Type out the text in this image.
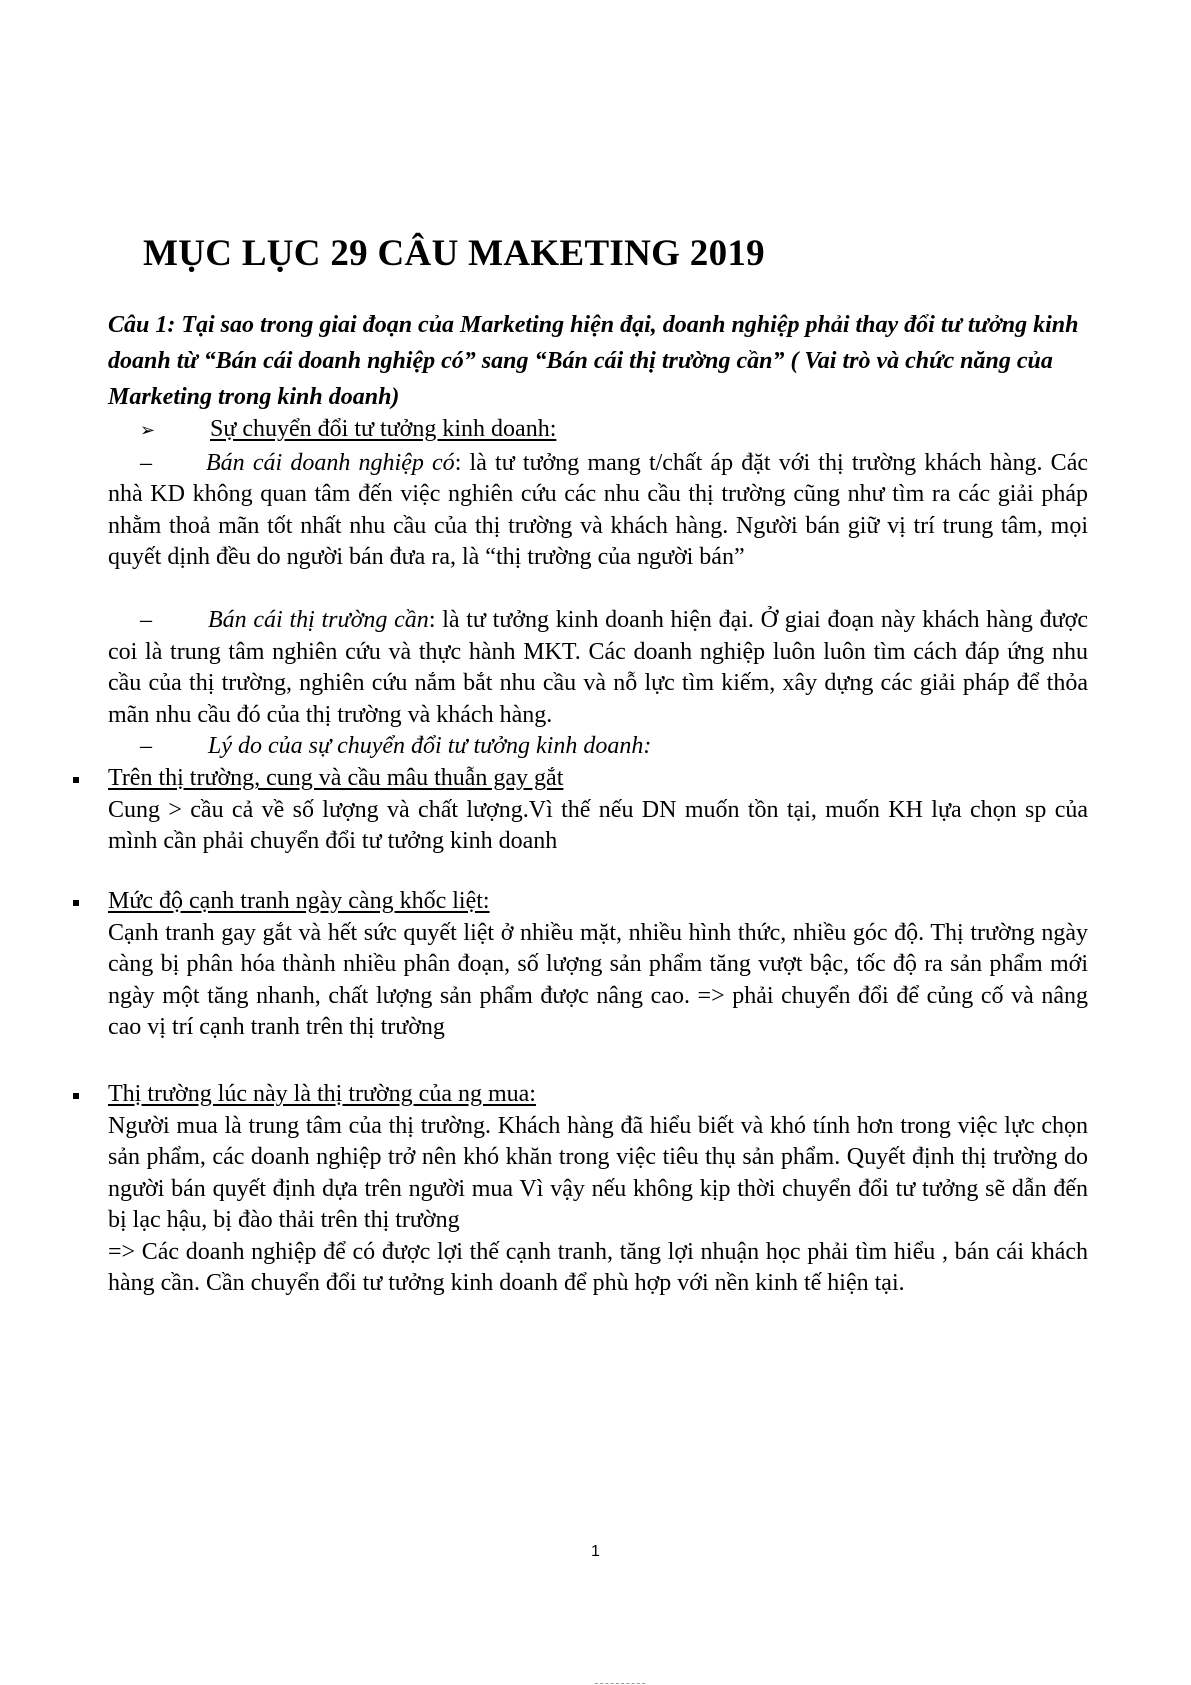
MỤC LỤC 29 CÂU MAKETING 2019

Câu 1: Tại sao trong giai đoạn của Marketing hiện đại, doanh nghiệp phải thay đổi tư tưởng kinh doanh từ “Bán cái doanh nghiệp có” sang “Bán cái thị trường cần” ( Vai trò và chức năng của Marketing trong kinh doanh)

➢ Sự chuyển đổi tư tưởng kinh doanh:

– Bán cái doanh nghiệp có: là tư tưởng mang t/chất áp đặt với thị trường khách hàng. Các nhà KD không quan tâm đến việc nghiên cứu các nhu cầu thị trường cũng như tìm ra các giải pháp nhằm thoả mãn tốt nhất nhu cầu của thị trường và khách hàng. Người bán giữ vị trí trung tâm, mọi quyết dịnh đều do người bán đưa ra, là “thị trường của người bán”

– Bán cái thị trường cần: là tư tưởng kinh doanh hiện đại. Ở giai đoạn này khách hàng được coi là trung tâm nghiên cứu và thực hành MKT. Các doanh nghiệp luôn luôn tìm cách đáp ứng nhu cầu của thị trường, nghiên cứu nắm bắt nhu cầu và nỗ lực tìm kiếm, xây dựng các giải pháp để thỏa mãn nhu cầu đó của thị trường và khách hàng.

– Lý do của sự chuyển đổi tư tưởng kinh doanh:

Trên thị trường, cung và cầu mâu thuẫn gay gắt
Cung > cầu cả về số lượng và chất lượng.Vì thế nếu DN muốn tồn tại, muốn KH lựa chọn sp của mình cần phải chuyển đổi tư tưởng kinh doanh
Mức độ cạnh tranh ngày càng khốc liệt:
Cạnh tranh gay gắt và hết sức quyết liệt ở nhiều mặt, nhiều hình thức, nhiều góc độ. Thị trường ngày càng bị phân hóa thành nhiều phân đoạn, số lượng sản phẩm tăng vượt bậc, tốc độ ra sản phẩm mới ngày một tăng nhanh, chất lượng sản phẩm được nâng cao. => phải chuyển đổi để củng cố và nâng cao vị trí cạnh tranh trên thị trường
Thị trường lúc này là thị trường của ng mua:
Người mua là trung tâm của thị trường. Khách hàng đã hiểu biết và khó tính hơn trong việc lực chọn sản phẩm, các doanh nghiệp trở nên khó khăn trong việc tiêu thụ sản phẩm. Quyết định thị trường do người bán quyết định dựa trên người mua Vì vậy nếu không kịp thời chuyển đổi tư tưởng sẽ dẫn đến bị lạc hậu, bị đào thải trên thị trường
=> Các doanh nghiệp để có được lợi thế cạnh tranh, tăng lợi nhuận học phải tìm hiểu , bán cái khách hàng cần. Cần chuyển đổi tư tưởng kinh doanh để phù hợp với nền kinh tế hiện tại.
1
